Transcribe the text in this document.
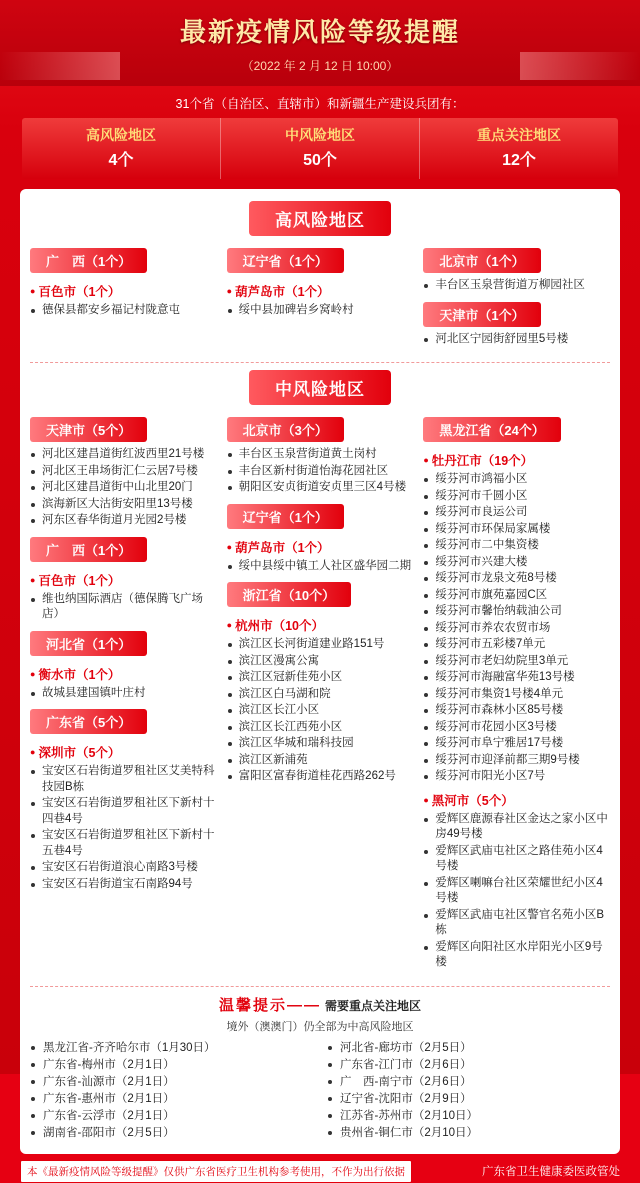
最新疫情风险等级提醒
（2022 年 2 月 12 日 10:00）
31个省（自治区、直辖市）和新疆生产建设兵团有：
高风险地区
4个
中风险地区
50个
重点关注地区
12个
高风险地区
广　西（1个）
● 百色市（1个）
德保县都安乡福记村陇意屯
辽宁省（1个）
● 葫芦岛市（1个）
绥中县加碑岩乡窝岭村
北京市（1个）
丰台区玉泉营街道万柳园社区
天津市（1个）
河北区宁园街舒园里5号楼
中风险地区
天津市（5个）
河北区建昌道街红波西里21号楼
河北区王串场街汇仁云居7号楼
河北区建昌道街中山北里20门
滨海新区大沽街安阳里13号楼
河东区春华街道月光园2号楼
广　西（1个）
● 百色市（1个）
维也纳国际酒店（德保腾飞广场店）
河北省（1个）
● 衡水市（1个）
故城县建国镇叶庄村
广东省（5个）
● 深圳市（5个）
宝安区石岩街道罗租社区艾美特科技园B栋
宝安区石岩街道罗租社区下新村十四巷4号
宝安区石岩街道罗租社区下新村十五巷4号
宝安区石岩街道浪心南路3号楼
宝安区石岩街道宝石南路94号
北京市（3个）
丰台区玉泉营街道黄土岗村
丰台区新村街道怡海花园社区
朝阳区安贞街道安贞里三区4号楼
辽宁省（1个）
● 葫芦岛市（1个）
绥中县绥中镇工人社区盛华园二期
浙江省（10个）
● 杭州市（10个）
滨江区长河街道建业路151号
滨江区漫寓公寓
滨江区冠新佳苑小区
滨江区白马湖和院
滨江区长江小区
滨江区长江西苑小区
滨江区华城和瑞科技园
滨江区新浦苑
富阳区富春街道桂花西路262号
黑龙江省（24个）
● 牡丹江市（19个）
绥芬河市鸿福小区
绥芬河市千圆小区
绥芬河市良运公司
绥芬河市环保局家属楼
绥芬河市二中集资楼
绥芬河市兴建大楼
绥芬河市龙泉文苑8号楼
绥芬河市旗苑嘉园C区
绥芬河市馨怡纳载油公司
绥芬河市养农农贸市场
绥芬河市五彩楼7单元
绥芬河市老妇幼院里3单元
绥芬河市海融富华苑13号楼
绥芬河市集资1号楼4单元
绥芬河市森林小区85号楼
绥芬河市花园小区3号楼
绥芬河市阜宁雅居17号楼
绥芬河市迎泽前都三期9号楼
绥芬河市阳光小区7号
● 黑河市（5个）
爱辉区鹿源春社区金达之家小区中房49号楼
爱辉区武庙屯社区之路佳苑小区4号楼
爱辉区喇嘛台社区荣耀世纪小区4号楼
爱辉区武庙屯社区警官名苑小区B栋
爱辉区向阳社区水岸阳光小区9号楼
温馨提示—— 需要重点关注地区
境外（澳澳门）仍全部为中高风险地区
黑龙江省-齐齐哈尔市（1月30日）
广东省-梅州市（2月1日）
广东省-汕源市（2月1日）
广东省-惠州市（2月1日）
广东省-云浮市（2月1日）
湖南省-邵阳市（2月5日）
河北省-廊坊市（2月5日）
广东省-江门市（2月6日）
广　西-南宁市（2月6日）
辽宁省-沈阳市（2月9日）
江苏省-苏州市（2月10日）
贵州省-铜仁市（2月10日）
本《最新疫情风险等级提醒》仅供广东省医疗卫生机构参考使用，不作为出行依据	广东省卫生健康委医政管处
